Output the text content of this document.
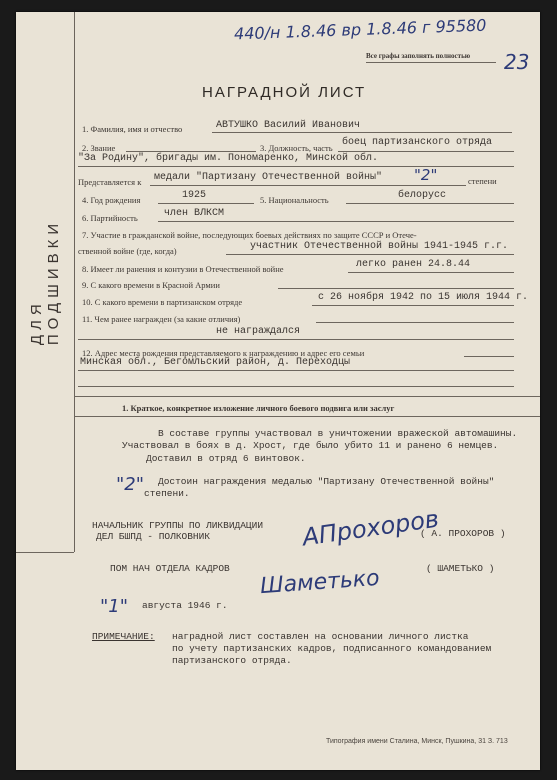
ДЛЯ ПОДШИВКИ
440/н 1.8.46 вр 1.8.46 г 95580
Все графы заполнять полностью 23
НАГРАДНОЙ ЛИСТ
1. Фамилия, имя и отчество	АВТУШКО Василий Иванович
2. Звание	3. Должность, часть боец партизанского отряда
"За Родину", бригады им. Пономаренко, Минской обл.
Представляется к медали "Партизану Отечественной войны" "2"	степени
4. Год рождения	1925	5. Национальность	белорусс
6. Партийность	член ВЛКСМ
7. Участие в гражданской войне, последующих боевых действиях по защите СССР и Отече-
ственной войне (где, когда)	участник Отечественной войны 1941-1945 г.г.
8. Имеет ли ранения и контузии в Отечественной войне	легко ранен 24.8.44
9. С какого времени в Красной Армии
10. С какого времени в партизанском отряде	с 26 ноября 1942 по 15 июля 1944 г.
11. Чем ранее награжден (за какие отличия)
не награждался
12. Адрес места рождения представляемого к награждению и адрес его семьи
Минская обл., Бегомльский район, д. Переходцы
1. Краткое, конкретное изложение личного боевого подвига или заслуг
В составе группы участвовал в уничтожении вражеской автомашины.
Участвовал в боях в д. Хрост, где было убито 11 и ранено 6 немцев.
Доставил в отряд 6 винтовок.
"2" Достоин награждения медалью "Партизану Отечественной войны"
степени.
НАЧАЛЬНИК ГРУППЫ ПО ЛИКВИДАЦИИ
ДЕЛ БШПД - ПОЛКОВНИК	АПрохоров
( А. ПРОХОРОВ )
ПОМ НАЧ ОТДЕЛА КАДРОВ	( ШАМЕТЬКО )
Шаметько
"1" августа 1946 г.
ПРИМЕЧАНИЕ: наградной лист составлен на основании личного листка
по учету партизанских кадров, подписанного командованием
партизанского отряда.
Типография имени Сталина, Минск, Пушкина, 31 З. 713
